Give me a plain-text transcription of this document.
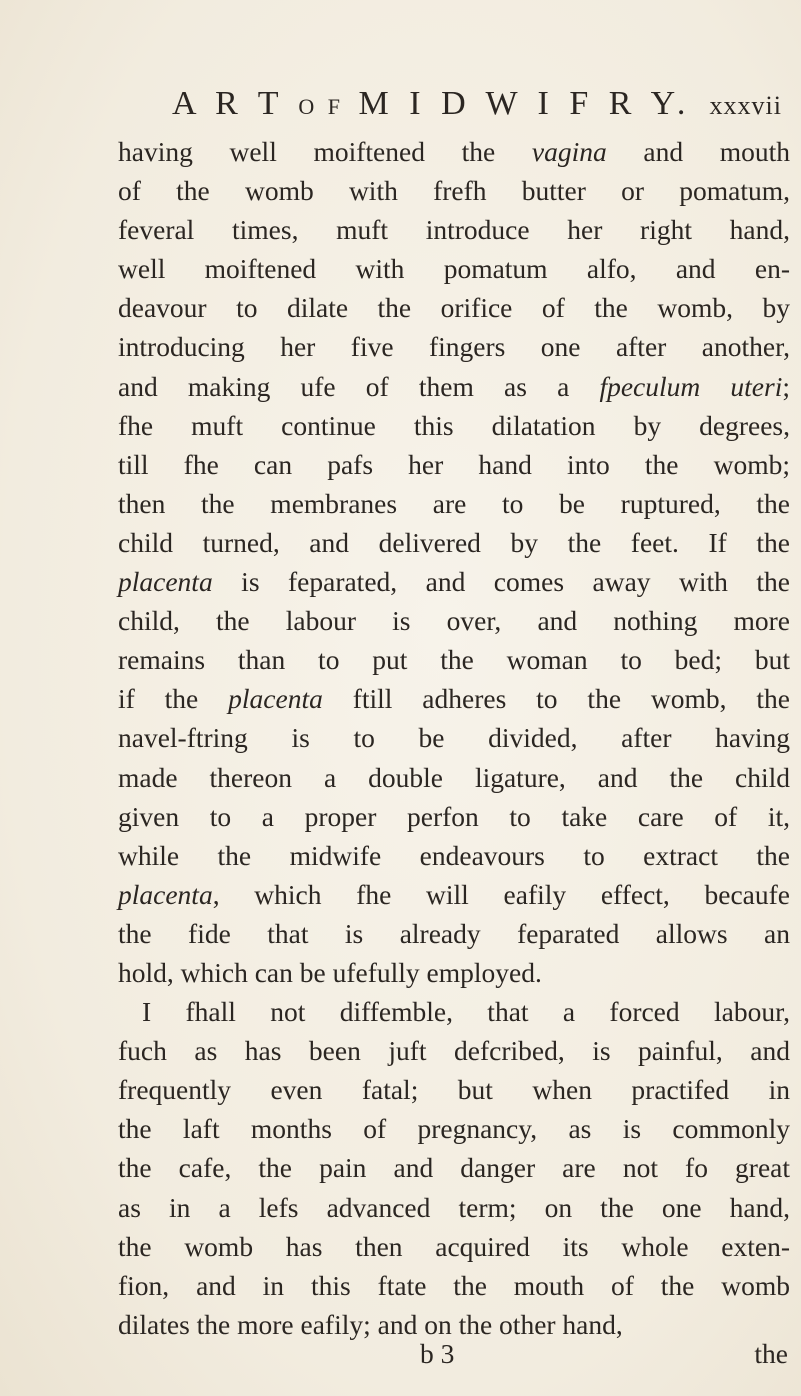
A R T O F M I D W I F R Y. xxxvii
having well moiftened the vagina and mouth
of the womb with frefh butter or pomatum,
feveral times, muft introduce her right hand,
well moiftened with pomatum alfo, and en-
deavour to dilate the orifice of the womb, by
introducing her five fingers one after another,
and making ufe of them as a fpeculum uteri;
fhe muft continue this dilatation by degrees,
till fhe can pafs her hand into the womb;
then the membranes are to be ruptured, the
child turned, and delivered by the feet. If the
placenta is feparated, and comes away with the
child, the labour is over, and nothing more
remains than to put the woman to bed; but
if the placenta ftill adheres to the womb, the
navel-ftring is to be divided, after having
made thereon a double ligature, and the child
given to a proper perfon to take care of it,
while the midwife endeavours to extract the
placenta, which fhe will eafily effect, becaufe
the fide that is already feparated allows an
hold, which can be ufefully employed.
I fhall not diffemble, that a forced labour,
fuch as has been juft defcribed, is painful, and
frequently even fatal; but when practifed in
the laft months of pregnancy, as is commonly
the cafe, the pain and danger are not fo great
as in a lefs advanced term; on the one hand,
the womb has then acquired its whole exten-
fion, and in this ftate the mouth of the womb
dilates the more eafily; and on the other hand,
b 3	the
